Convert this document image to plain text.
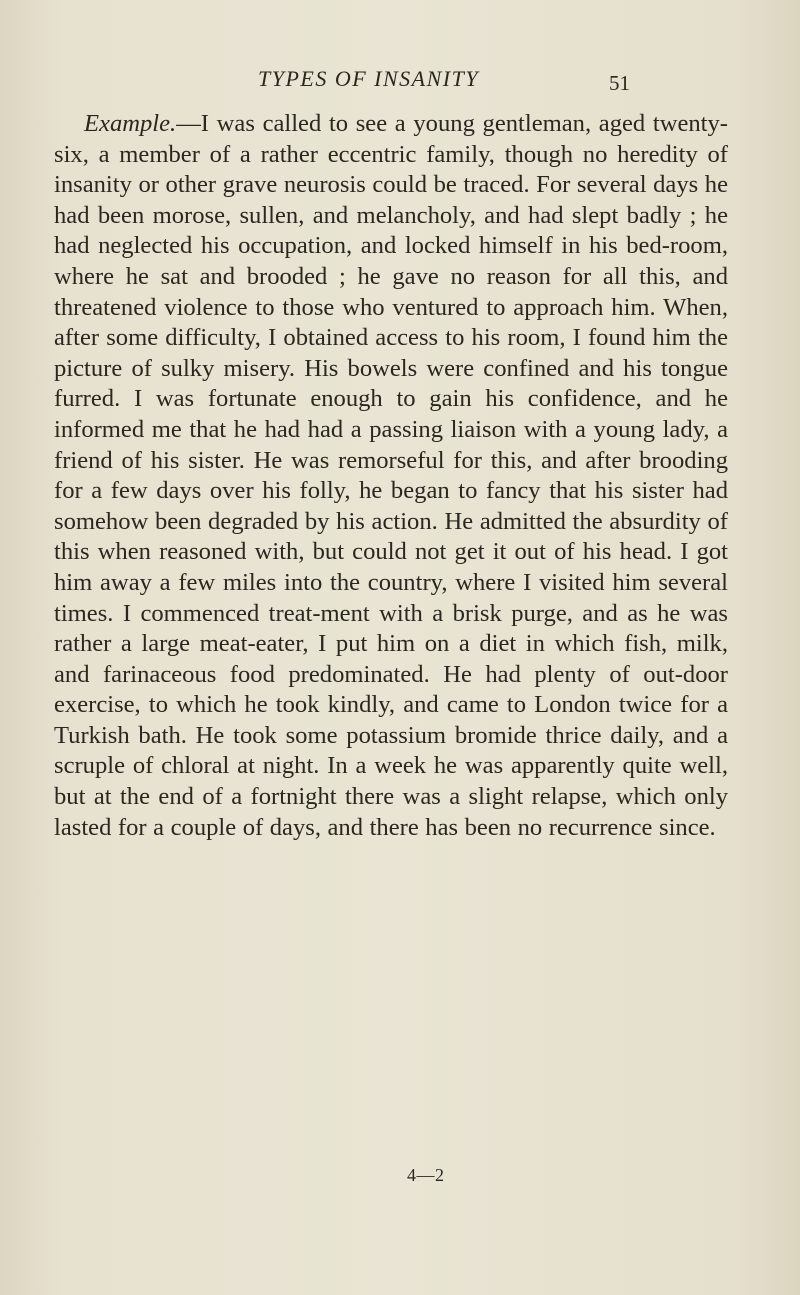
TYPES OF INSANITY	51

Example.—I was called to see a young gentleman, aged twenty-six, a member of a rather eccentric family, though no heredity of insanity or other grave neurosis could be traced. For several days he had been morose, sullen, and melancholy, and had slept badly ; he had neglected his occupation, and locked himself in his bed-room, where he sat and brooded ; he gave no reason for all this, and threatened violence to those who ventured to approach him. When, after some difficulty, I obtained access to his room, I found him the picture of sulky misery. His bowels were confined and his tongue furred. I was fortunate enough to gain his confidence, and he informed me that he had had a passing liaison with a young lady, a friend of his sister. He was remorseful for this, and after brooding for a few days over his folly, he began to fancy that his sister had somehow been degraded by his action. He admitted the absurdity of this when reasoned with, but could not get it out of his head. I got him away a few miles into the country, where I visited him several times. I commenced treat-ment with a brisk purge, and as he was rather a large meat-eater, I put him on a diet in which fish, milk, and farinaceous food predominated. He had plenty of out-door exercise, to which he took kindly, and came to London twice for a Turkish bath. He took some potassium bromide thrice daily, and a scruple of chloral at night. In a week he was apparently quite well, but at the end of a fortnight there was a slight relapse, which only lasted for a couple of days, and there has been no recurrence since.

4—2
